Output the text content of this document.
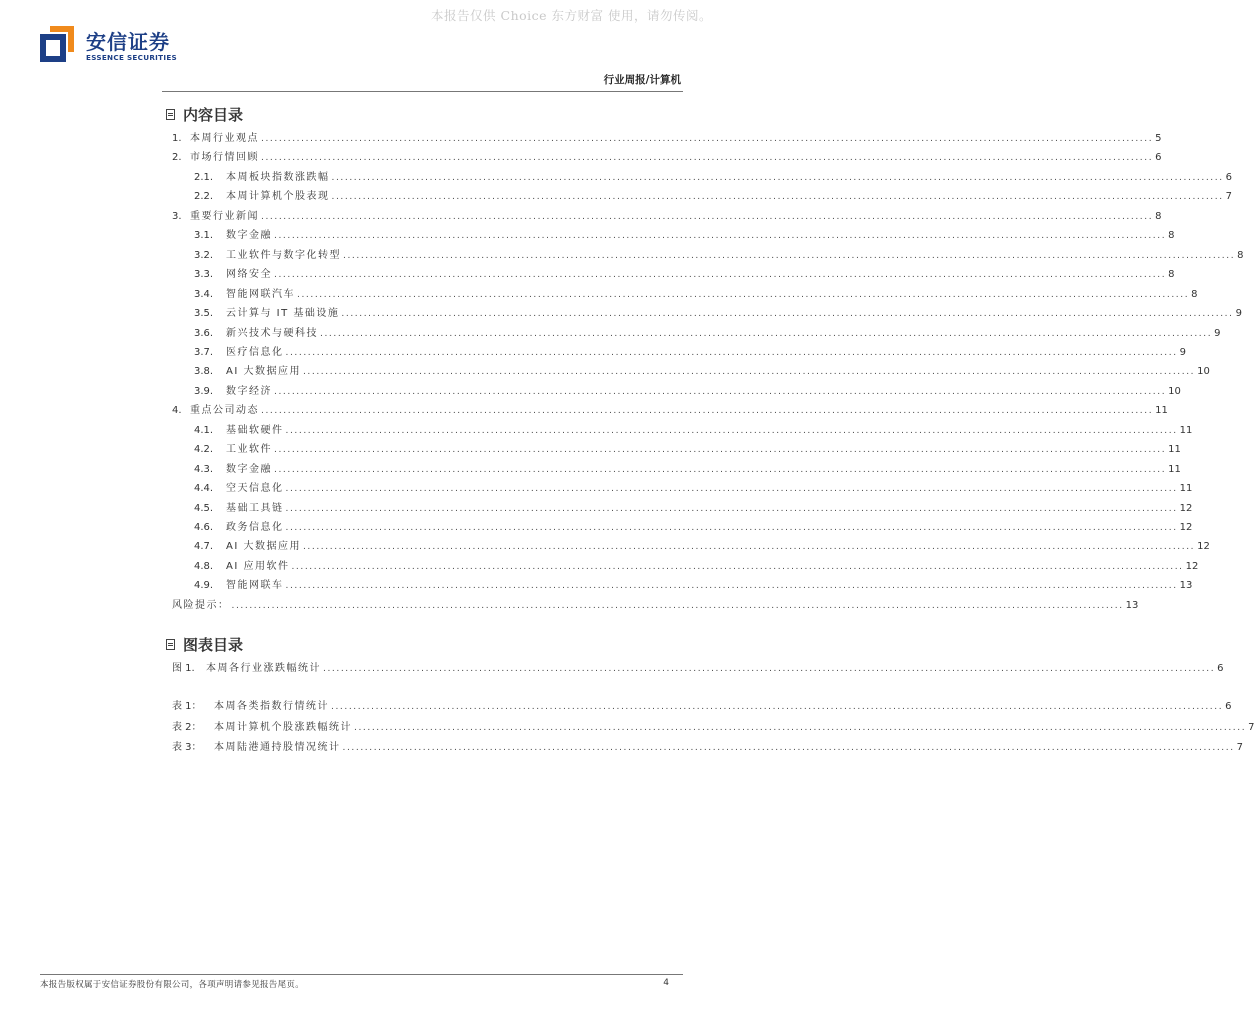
本报告仅供 Choice 东方财富 使用，请勿传阅。
安信证券
ESSENCE SECURITIES
行业周报/计算机
内容目录
1. 本周行业观点 ........................................................................................................................................................................................................ 5
2. 市场行情回顾 ........................................................................................................................................................................................................ 6
2.1.	本周板块指数涨跌幅 ........................................................................................................................................................................................................ 6
2.2.	本周计算机个股表现 ........................................................................................................................................................................................................ 7
3. 重要行业新闻 ........................................................................................................................................................................................................ 8
3.1.	数字金融 ........................................................................................................................................................................................................ 8
3.2.	工业软件与数字化转型 ........................................................................................................................................................................................................ 8
3.3.	网络安全 ........................................................................................................................................................................................................ 8
3.4.	智能网联汽车 ........................................................................................................................................................................................................ 8
3.5.	云计算与 IT 基础设施 ........................................................................................................................................................................................................ 9
3.6.	新兴技术与硬科技 ........................................................................................................................................................................................................ 9
3.7.	医疗信息化 ........................................................................................................................................................................................................ 9
3.8.	AI 大数据应用 ........................................................................................................................................................................................................ 10
3.9.	数字经济 ........................................................................................................................................................................................................ 10
4. 重点公司动态 ........................................................................................................................................................................................................ 11
4.1.	基础软硬件 ........................................................................................................................................................................................................ 11
4.2.	工业软件 ........................................................................................................................................................................................................ 11
4.3.	数字金融 ........................................................................................................................................................................................................ 11
4.4.	空天信息化 ........................................................................................................................................................................................................ 11
4.5.	基础工具链 ........................................................................................................................................................................................................ 12
4.6.	政务信息化 ........................................................................................................................................................................................................ 12
4.7.	AI 大数据应用 ........................................................................................................................................................................................................ 12
4.8.	AI 应用软件 ........................................................................................................................................................................................................ 12
4.9.	智能网联车 ........................................................................................................................................................................................................ 13
风险提示： ........................................................................................................................................................................................................ 13
图表目录
图 1.	本周各行业涨跌幅统计 ........................................................................................................................................................................................................ 6
表 1：	本周各类指数行情统计 ........................................................................................................................................................................................................ 6
表 2：	本周计算机个股涨跌幅统计 ........................................................................................................................................................................................................ 7
表 3：	本周陆港通持股情况统计 ........................................................................................................................................................................................................ 7
本报告版权属于安信证券股份有限公司，各项声明请参见报告尾页。	4
